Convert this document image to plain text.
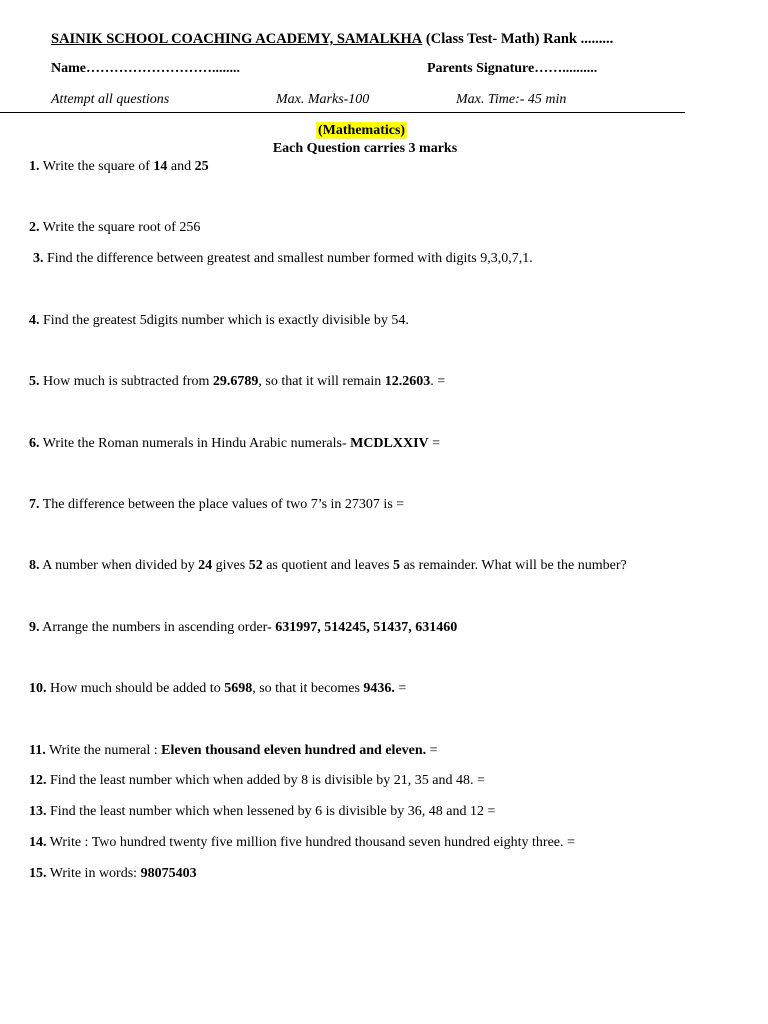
SAINIK SCHOOL COACHING ACADEMY, SAMALKHA (Class Test- Math) Rank .........
Name………………………........	Parents Signature……..........
Attempt all questions	Max. Marks-100	Max. Time:- 45 min
(Mathematics)
Each Question carries 3 marks
1. Write the square of 14 and 25
2. Write the square root of 256
3. Find the difference between greatest and smallest number formed with digits 9,3,0,7,1.
4. Find the greatest 5digits number which is exactly divisible by 54.
5. How much is subtracted from 29.6789, so that it will remain 12.2603. =
6. Write the Roman numerals in Hindu Arabic numerals- MCDLXXIV =
7. The difference between the place values of two 7’s in 27307 is =
8. A number when divided by 24 gives 52 as quotient and leaves 5 as remainder. What will be the number?
9. Arrange the numbers in ascending order- 631997, 514245, 51437, 631460
10. How much should be added to 5698, so that it becomes 9436. =
11. Write the numeral : Eleven thousand eleven hundred and eleven. =
12. Find the least number which when added by 8 is divisible by 21, 35 and 48. =
13. Find the least number which when lessened by 6 is divisible by 36, 48 and 12 =
14. Write : Two hundred twenty five million five hundred thousand seven hundred eighty three. =
15. Write in words: 98075403
